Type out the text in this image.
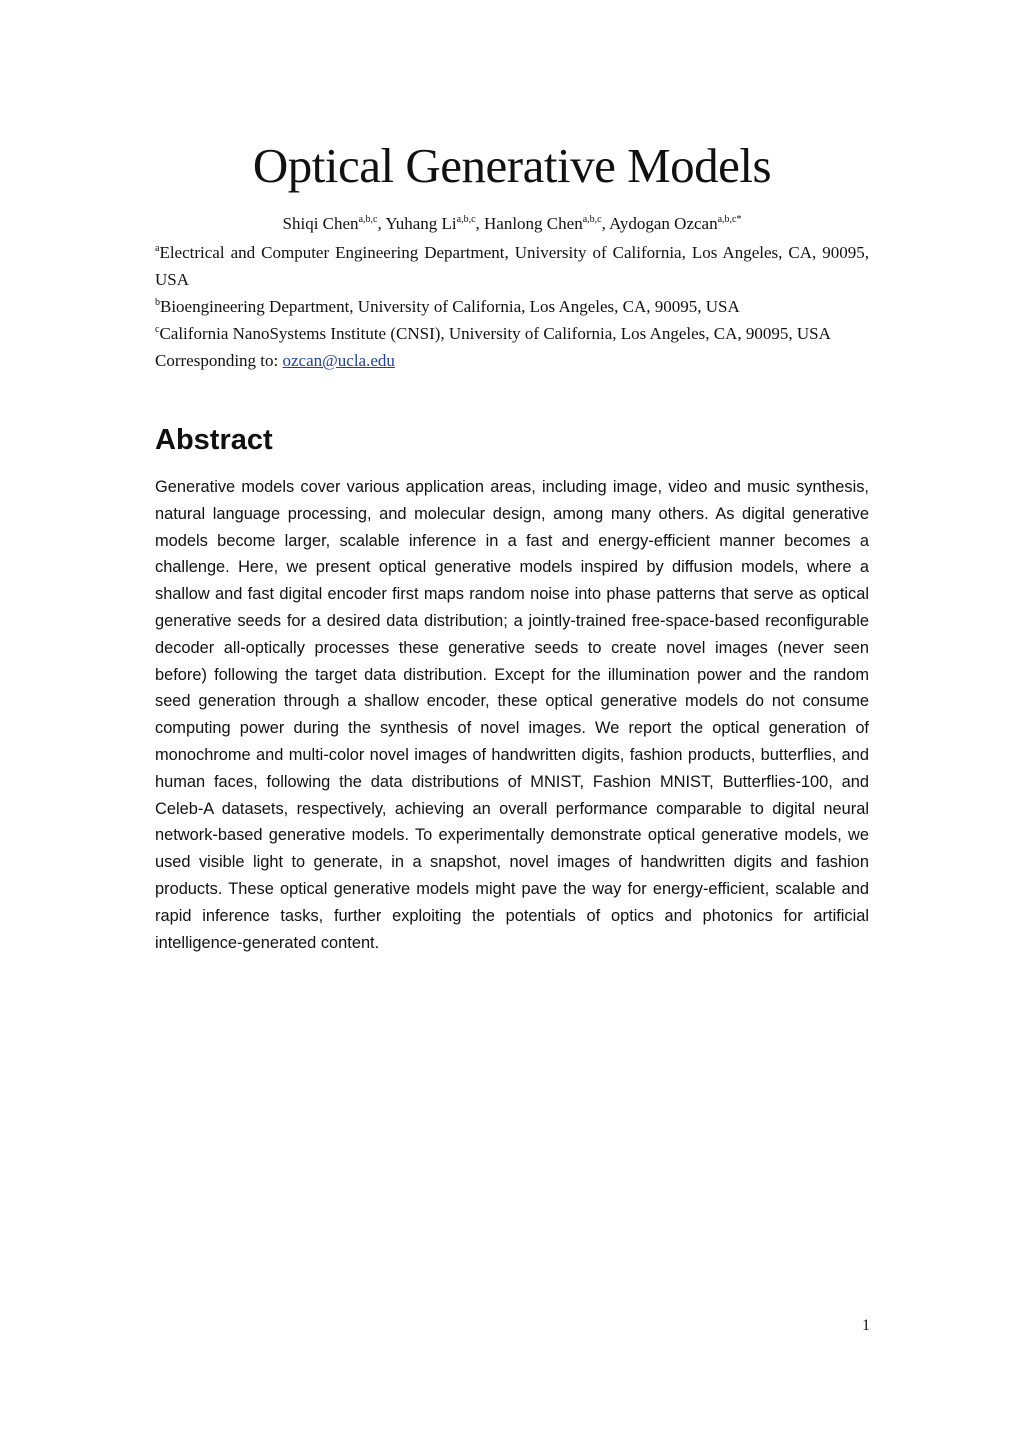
Optical Generative Models
Shiqi Chen$^{a,b,c}$, Yuhang Li$^{a,b,c}$, Hanlong Chen$^{a,b,c}$, Aydogan Ozcan$^{a,b,c*}$

$^a$Electrical and Computer Engineering Department, University of California, Los Angeles, CA, 90095, USA

$^b$Bioengineering Department, University of California, Los Angeles, CA, 90095, USA

$^c$California NanoSystems Institute (CNSI), University of California, Los Angeles, CA, 90095, USA

Corresponding to: ozcan@ucla.edu

Abstract

Generative models cover various application areas, including image, video and music synthesis, natural language processing, and molecular design, among many others. As digital generative models become larger, scalable inference in a fast and energy-efficient manner becomes a challenge. Here, we present optical generative models inspired by diffusion models, where a shallow and fast digital encoder first maps random noise into phase patterns that serve as optical generative seeds for a desired data distribution; a jointly-trained free-space-based reconfigurable decoder all-optically processes these generative seeds to create novel images (never seen before) following the target data distribution. Except for the illumination power and the random seed generation through a shallow encoder, these optical generative models do not consume computing power during the synthesis of novel images. We report the optical generation of monochrome and multi-color novel images of handwritten digits, fashion products, butterflies, and human faces, following the data distributions of MNIST, Fashion MNIST, Butterflies-100, and Celeb-A datasets, respectively, achieving an overall performance comparable to digital neural network-based generative models. To experimentally demonstrate optical generative models, we used visible light to generate, in a snapshot, novel images of handwritten digits and fashion products. These optical generative models might pave the way for energy-efficient, scalable and rapid inference tasks, further exploiting the potentials of optics and photonics for artificial intelligence-generated content.

1
